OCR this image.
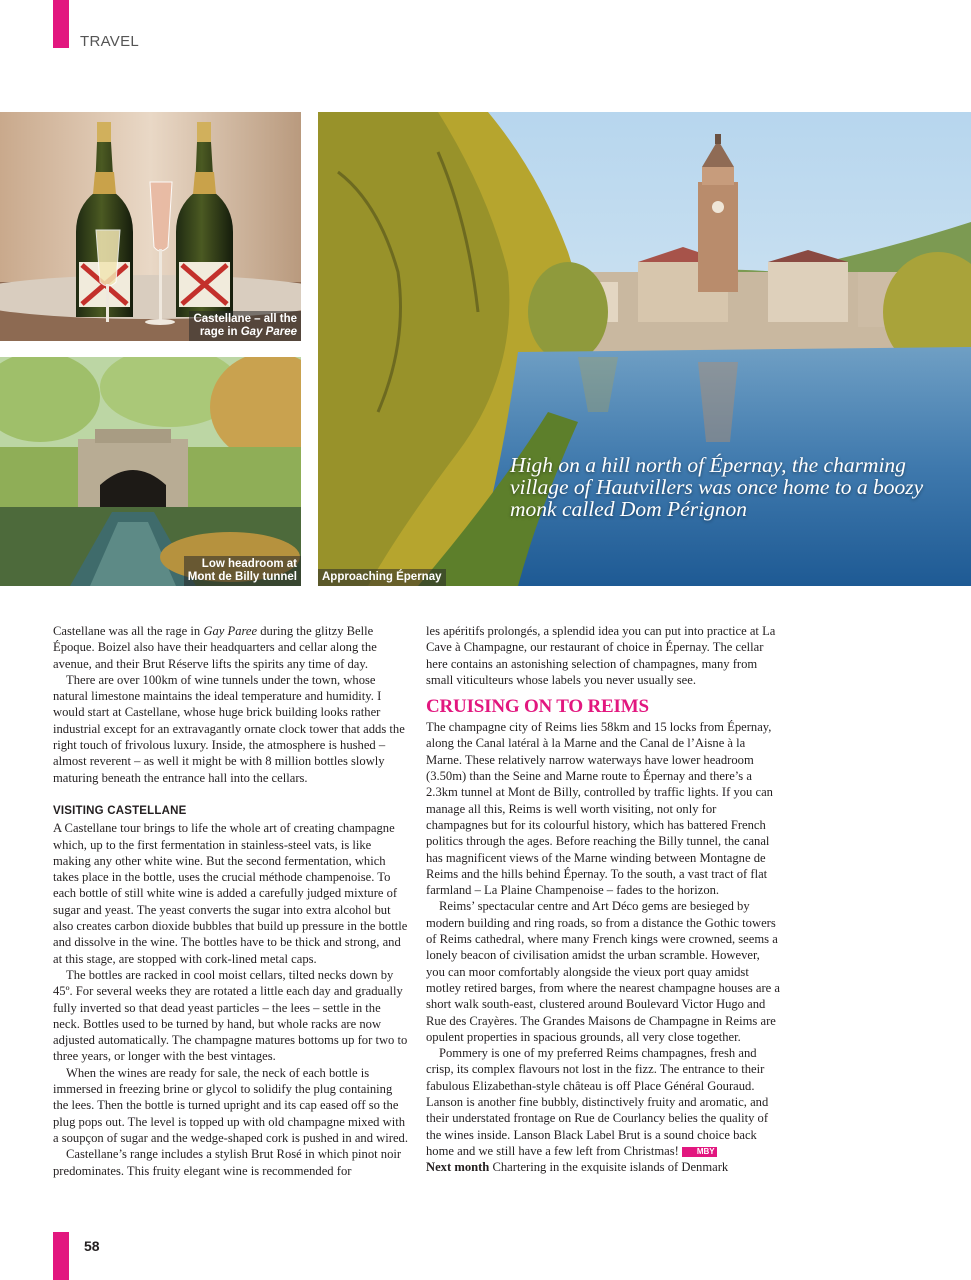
TRAVEL
Castellane – all the
rage in Gay Paree
Low headroom at
Mont de Billy tunnel	Approaching Épernay
High on a hill north of Épernay, the charming village of Hautvillers was once home to a boozy monk called Dom Pérignon

Castellane was all the rage in Gay Paree during the glitzy Belle Époque. Boizel also have their headquarters and cellar along the avenue, and their Brut Réserve lifts the spirits any time of day.

There are over 100km of wine tunnels under the town, whose natural limestone maintains the ideal temperature and humidity. I would start at Castellane, whose huge brick building looks rather industrial except for an extravagantly ornate clock tower that adds the right touch of frivolous luxury. Inside, the atmosphere is hushed – almost reverent – as well it might be with 8 million bottles slowly maturing beneath the entrance hall into the cellars.

VISITING CASTELLANE

A Castellane tour brings to life the whole art of creating champagne which, up to the first fermentation in stainless-steel vats, is like making any other white wine. But the second fermentation, which takes place in the bottle, uses the crucial méthode champenoise. To each bottle of still white wine is added a carefully judged mixture of sugar and yeast. The yeast converts the sugar into extra alcohol but also creates carbon dioxide bubbles that build up pressure in the bottle and dissolve in the wine. The bottles have to be thick and strong, and at this stage, are stopped with cork-lined metal caps.

The bottles are racked in cool moist cellars, tilted necks down by 45º. For several weeks they are rotated a little each day and gradually fully inverted so that dead yeast particles – the lees – settle in the neck. Bottles used to be turned by hand, but whole racks are now adjusted automatically. The champagne matures bottoms up for two to three years, or longer with the best vintages.

When the wines are ready for sale, the neck of each bottle is immersed in freezing brine or glycol to solidify the plug containing the lees. Then the bottle is turned upright and its cap eased off so the plug pops out. The level is topped up with old champagne mixed with a soupçon of sugar and the wedge-shaped cork is pushed in and wired.

Castellane’s range includes a stylish Brut Rosé in which pinot noir predominates. This fruity elegant wine is recommended for

les apéritifs prolongés, a splendid idea you can put into practice at La Cave à Champagne, our restaurant of choice in Épernay. The cellar here contains an astonishing selection of champagnes, many from small viticulteurs whose labels you never usually see.

CRUISING ON TO REIMS

The champagne city of Reims lies 58km and 15 locks from Épernay, along the Canal latéral à la Marne and the Canal de l’Aisne à la Marne. These relatively narrow waterways have lower headroom (3.50m) than the Seine and Marne route to Épernay and there’s a 2.3km tunnel at Mont de Billy, controlled by traffic lights. If you can manage all this, Reims is well worth visiting, not only for champagnes but for its colourful history, which has battered French politics through the ages. Before reaching the Billy tunnel, the canal has magnificent views of the Marne winding between Montagne de Reims and the hills behind Épernay. To the south, a vast tract of flat farmland – La Plaine Champenoise – fades to the horizon.

Reims’ spectacular centre and Art Déco gems are besieged by modern building and ring roads, so from a distance the Gothic towers of Reims cathedral, where many French kings were crowned, seems a lonely beacon of civilisation amidst the urban scramble. However, you can moor comfortably alongside the vieux port quay amidst motley retired barges, from where the nearest champagne houses are a short walk south-east, clustered around Boulevard Victor Hugo and Rue des Crayères. The Grandes Maisons de Champagne in Reims are opulent properties in spacious grounds, all very close together.

Pommery is one of my preferred Reims champagnes, fresh and crisp, its complex flavours not lost in the fizz. The entrance to their fabulous Elizabethan-style château is off Place Général Gouraud. Lanson is another fine bubbly, distinctively fruity and aromatic, and their understated frontage on Rue de Courlancy belies the quality of the wines inside. Lanson Black Label Brut is a sound choice back home and we still have a few left from Christmas! MBY

Next month Chartering in the exquisite islands of Denmark

58
